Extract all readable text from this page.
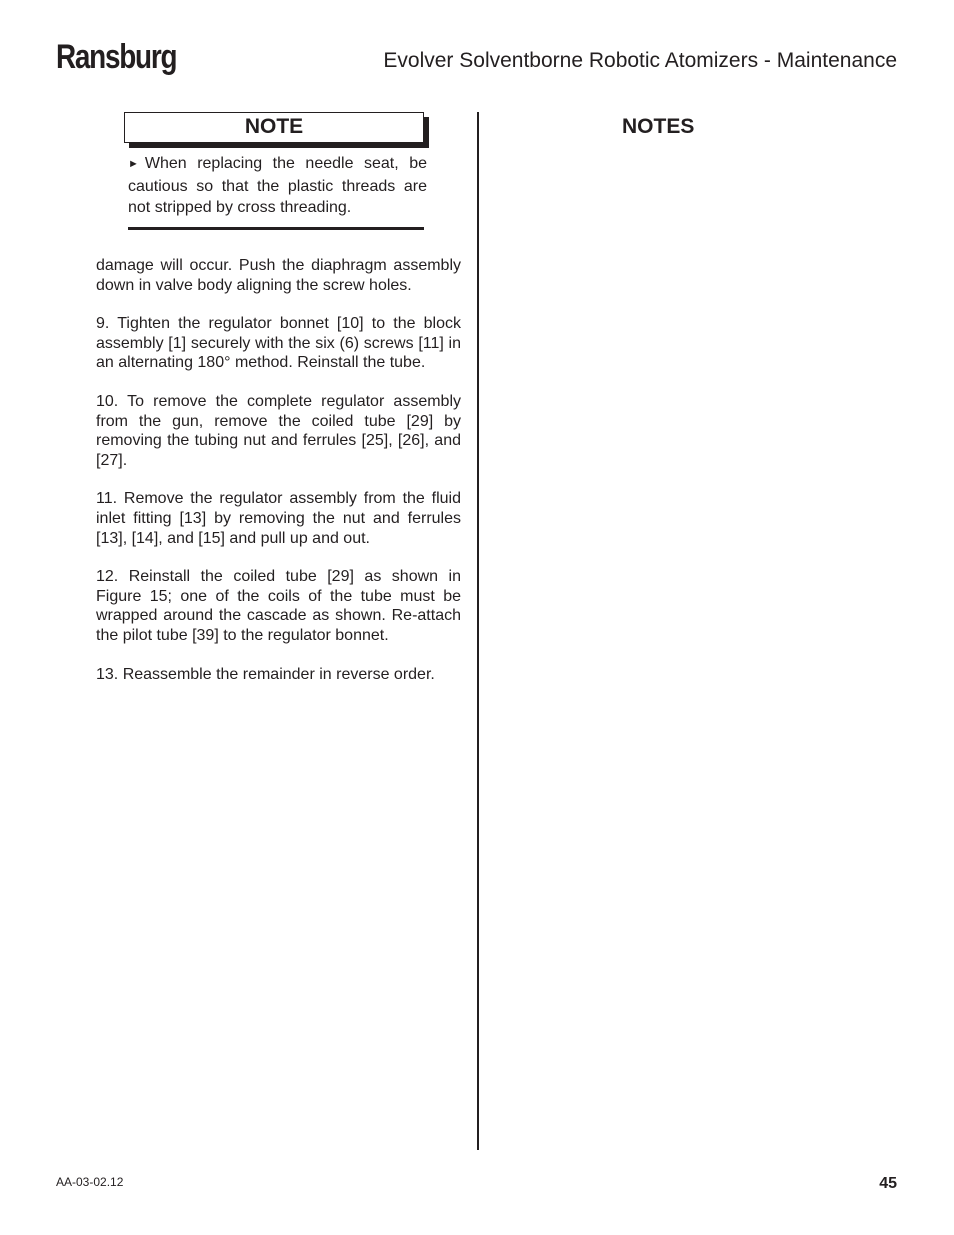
Ransburg	Evolver Solventborne Robotic Atomizers - Maintenance
NOTE
► When replacing the needle seat, be cautious so that the plastic threads are not stripped by cross threading.

damage will occur. Push the diaphragm assembly down in valve body aligning the screw holes.

9. Tighten the regulator bonnet [10] to the block assembly [1] securely with the six (6) screws [11] in an alternating 180° method. Reinstall the tube.

10. To remove the complete regulator assembly from the gun, remove the coiled tube [29] by removing the tubing nut and ferrules [25], [26], and [27].

11. Remove the regulator assembly from the fluid inlet fitting [13] by removing the nut and ferrules [13], [14], and [15] and pull up and out.

12. Reinstall the coiled tube [29] as shown in Figure 15; one of the coils of the tube must be wrapped around the cascade as shown. Re-attach the pilot tube [39] to the regulator bonnet.

13. Reassemble the remainder in reverse order.

NOTES
AA-03-02.12	45
